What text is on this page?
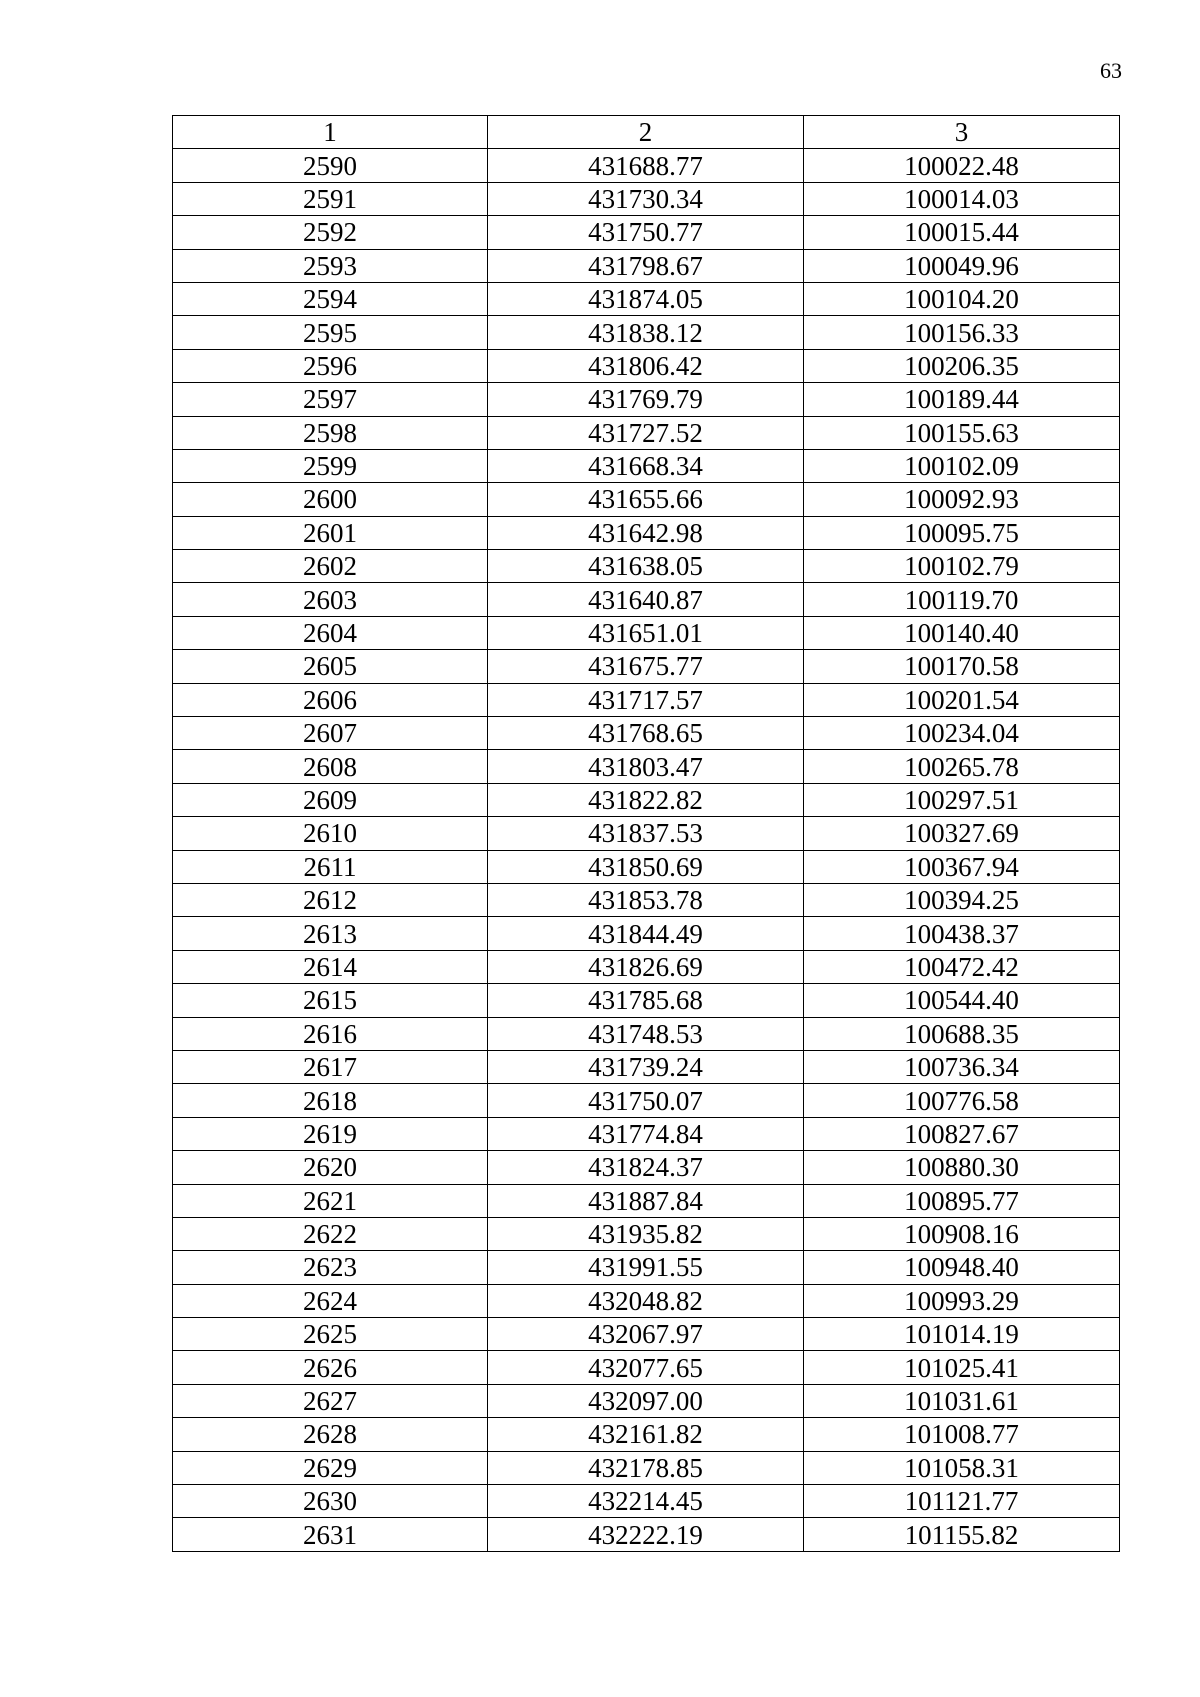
63
1	2	3
2590	431688.77	100022.48
2591	431730.34	100014.03
2592	431750.77	100015.44
2593	431798.67	100049.96
2594	431874.05	100104.20
2595	431838.12	100156.33
2596	431806.42	100206.35
2597	431769.79	100189.44
2598	431727.52	100155.63
2599	431668.34	100102.09
2600	431655.66	100092.93
2601	431642.98	100095.75
2602	431638.05	100102.79
2603	431640.87	100119.70
2604	431651.01	100140.40
2605	431675.77	100170.58
2606	431717.57	100201.54
2607	431768.65	100234.04
2608	431803.47	100265.78
2609	431822.82	100297.51
2610	431837.53	100327.69
2611	431850.69	100367.94
2612	431853.78	100394.25
2613	431844.49	100438.37
2614	431826.69	100472.42
2615	431785.68	100544.40
2616	431748.53	100688.35
2617	431739.24	100736.34
2618	431750.07	100776.58
2619	431774.84	100827.67
2620	431824.37	100880.30
2621	431887.84	100895.77
2622	431935.82	100908.16
2623	431991.55	100948.40
2624	432048.82	100993.29
2625	432067.97	101014.19
2626	432077.65	101025.41
2627	432097.00	101031.61
2628	432161.82	101008.77
2629	432178.85	101058.31
2630	432214.45	101121.77
2631	432222.19	101155.82
